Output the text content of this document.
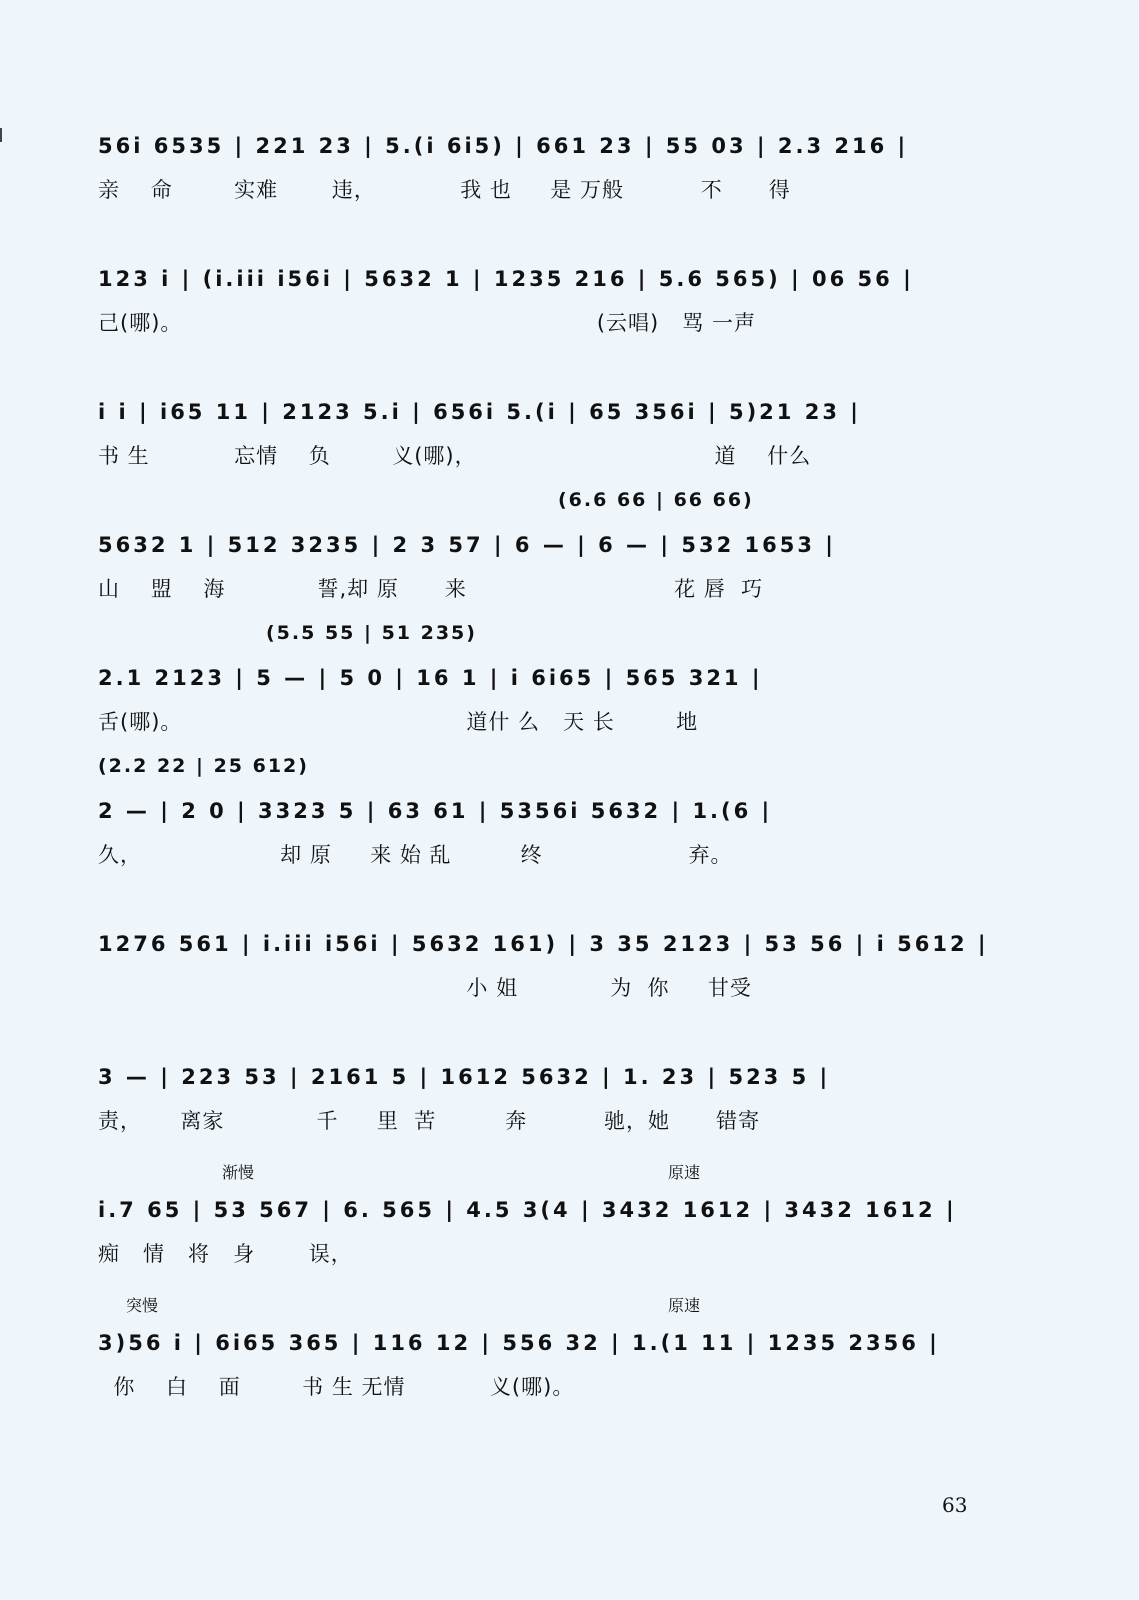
56i 6535 | 221 23 | 5.(i 6i5) | 661 23 | 55 03 | 2.3 216 |
亲    命        实难       违，           我 也     是 万般          不      得
123 i | (i.iii i56i | 5632 1 | 1235 216 | 5.6 565) | 06 56 |
己(哪)。                                                      (云唱)   骂 一声
i i | i65 11 | 2123 5.i | 656i 5.(i | 65 356i | 5)21 23 |
书 生           忘情    负        义(哪)，                               道    什么
(6.6 66 | 66 66)
5632 1 | 512 3235 | 2 3 57 | 6 — | 6 — | 532 1653 |
山    盟    海            誓,却 原      来                           花 唇  巧
(5.5 55 | 51 235)
2.1 2123 | 5 — | 5 0 | 16 1 | i 6i65 | 565 321 |
舌(哪)。                                     道什 么   天 长        地
(2.2 22 | 25 612)
2 — | 2 0 | 3323 5 | 63 61 | 5356i 5632 | 1.(6 |
久，                  却 原     来 始 乱         终                   弃。
1276 561 | i.iii i56i | 5632 161) | 3 35 2123 | 53 56 | i 5612 |
小 姐            为  你     甘受
3 — | 223 53 | 2161 5 | 1612 5632 | 1. 23 | 523 5 |
责，     离家            千     里  苦         奔          驰，她      错寄
渐慢	原速
i.7 65 | 53 567 | 6. 565 | 4.5 3(4 | 3432 1612 | 3432 1612 |
痴   情   将   身       误，
突慢	原速
3)56 i | 6i65 365 | 116 12 | 556 32 | 1.(1 11 | 1235 2356 |
你    白    面        书 生 无情           义(哪)。
63
